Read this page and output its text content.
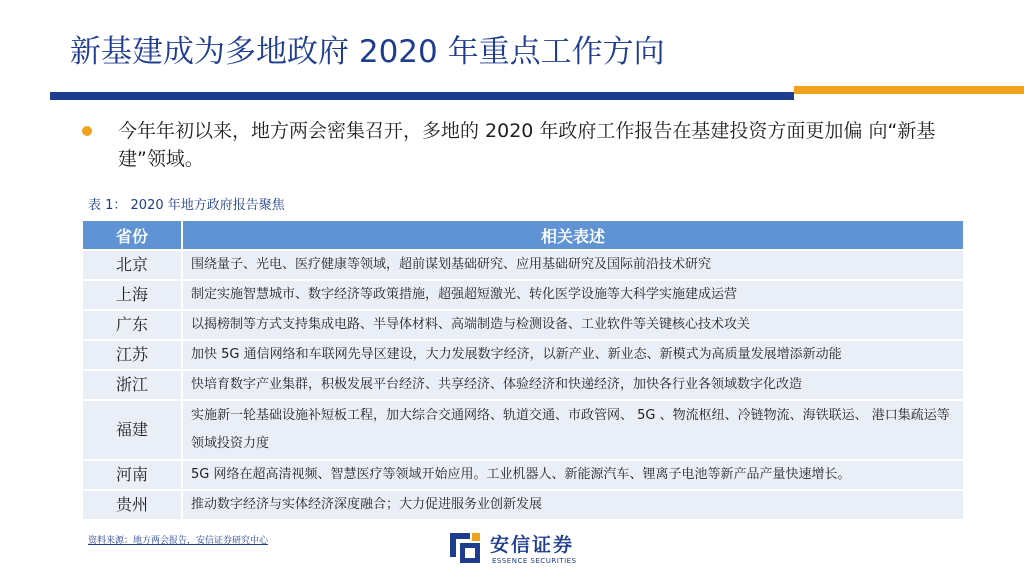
新基建成为多地政府 2020 年重点工作方向
今年年初以来，地方两会密集召开，多地的 2020 年政府工作报告在基建投资方面更加偏 向“新基建”领域。
表 1： 2020 年地方政府报告聚焦
省份	相关表述
北京	围绕量子、光电、医疗健康等领域，超前谋划基础研究、应用基础研究及国际前沿技术研究
上海	制定实施智慧城市、数字经济等政策措施，超强超短激光、转化医学设施等大科学实施建成运营
广东	以揭榜制等方式支持集成电路、半导体材料、高端制造与检测设备、工业软件等关键核心技术攻关
江苏	加快 5G 通信网络和车联网先导区建设，大力发展数字经济，以新产业、新业态、新模式为高质量发展增添新动能
浙江	快培育数字产业集群，积极发展平台经济、共享经济、体验经济和快递经济，加快各行业各领域数字化改造
福建	实施新一轮基础设施补短板工程，加大综合交通网络、轨道交通、市政管网、 5G 、物流枢纽、冷链物流、海铁联运、 港口集疏运等领域投资力度
河南	5G 网络在超高清视频、智慧医疗等领域开始应用。工业机器人、新能源汽车、锂离子电池等新产品产量快速增长。
贵州	推动数字经济与实体经济深度融合；大力促进服务业创新发展
资料来源：地方两会报告，安信证券研究中心	安信证券
ESSENCE SECURITIES
